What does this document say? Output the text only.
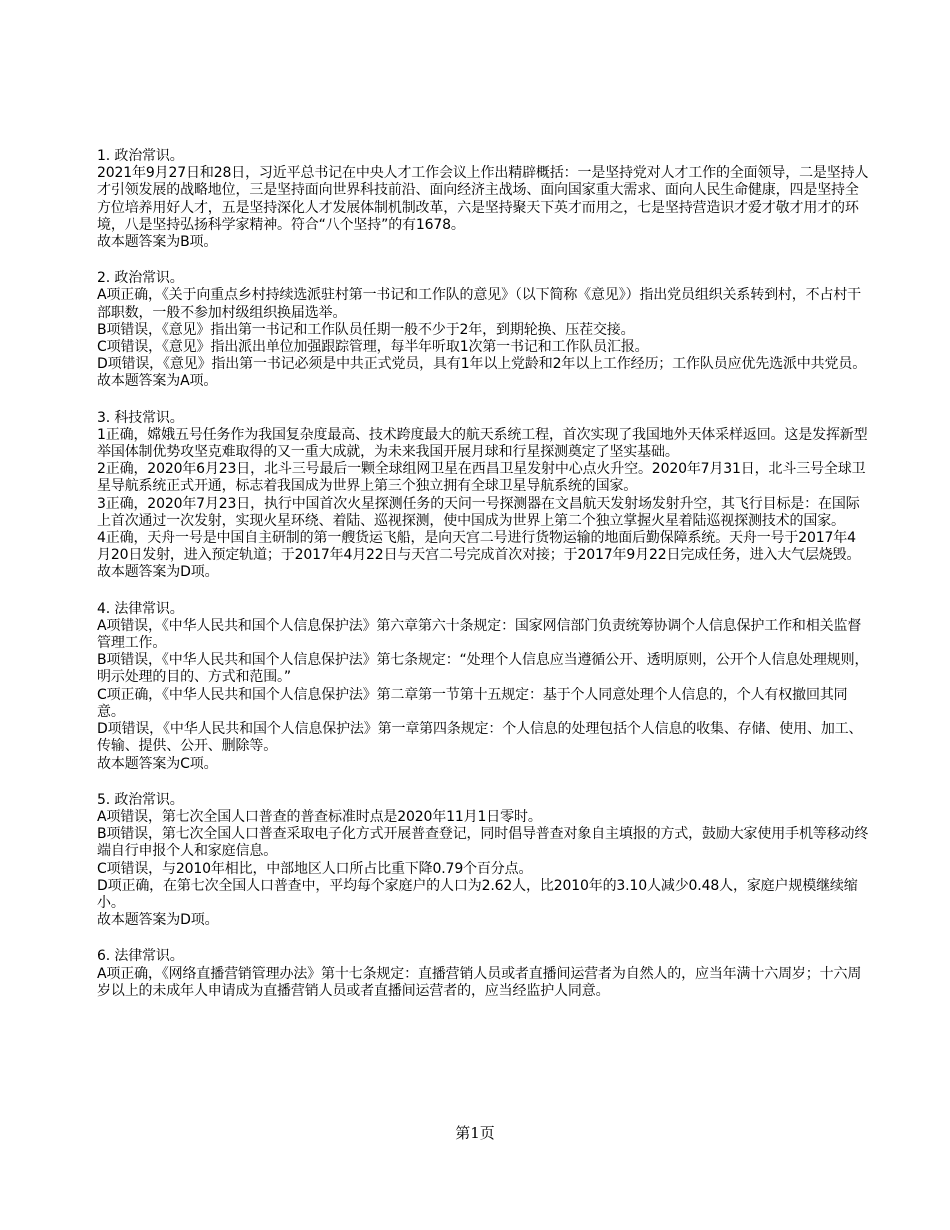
1. 政治常识。
2021年9月27日和28日，习近平总书记在中央人才工作会议上作出精辟概括：一是坚持党对人才工作的全面领导，二是坚持人才引领发展的战略地位，三是坚持面向世界科技前沿、面向经济主战场、面向国家重大需求、面向人民生命健康，四是坚持全方位培养用好人才，五是坚持深化人才发展体制机制改革，六是坚持聚天下英才而用之，七是坚持营造识才爱才敬才用才的环境，八是坚持弘扬科学家精神。符合“八个坚持”的有1678。
故本题答案为B项。
2. 政治常识。
A项正确，《关于向重点乡村持续选派驻村第一书记和工作队的意见》（以下简称《意见》）指出党员组织关系转到村，不占村干部职数，一般不参加村级组织换届选举。
B项错误，《意见》指出第一书记和工作队员任期一般不少于2年，到期轮换、压茬交接。
C项错误，《意见》指出派出单位加强跟踪管理，每半年听取1次第一书记和工作队员汇报。
D项错误，《意见》指出第一书记必须是中共正式党员，具有1年以上党龄和2年以上工作经历；工作队员应优先选派中共党员。
故本题答案为A项。
3. 科技常识。
1正确，嫦娥五号任务作为我国复杂度最高、技术跨度最大的航天系统工程，首次实现了我国地外天体采样返回。这是发挥新型举国体制优势攻坚克难取得的又一重大成就，为未来我国开展月球和行星探测奠定了坚实基础。
2正确，2020年6月23日，北斗三号最后一颗全球组网卫星在西昌卫星发射中心点火升空。2020年7月31日，北斗三号全球卫星导航系统正式开通，标志着我国成为世界上第三个独立拥有全球卫星导航系统的国家。
3正确，2020年7月23日，执行中国首次火星探测任务的天问一号探测器在文昌航天发射场发射升空，其飞行目标是：在国际上首次通过一次发射，实现火星环绕、着陆、巡视探测，使中国成为世界上第二个独立掌握火星着陆巡视探测技术的国家。
4正确，天舟一号是中国自主研制的第一艘货运飞船，是向天宫二号进行货物运输的地面后勤保障系统。天舟一号于2017年4月20日发射，进入预定轨道；于2017年4月22日与天宫二号完成首次对接；于2017年9月22日完成任务，进入大气层烧毁。
故本题答案为D项。
4. 法律常识。
A项错误，《中华人民共和国个人信息保护法》第六章第六十条规定：国家网信部门负责统筹协调个人信息保护工作和相关监督管理工作。
B项错误，《中华人民共和国个人信息保护法》第七条规定：“处理个人信息应当遵循公开、透明原则，公开个人信息处理规则，明示处理的目的、方式和范围。”
C项正确，《中华人民共和国个人信息保护法》第二章第一节第十五规定：基于个人同意处理个人信息的，个人有权撤回其同意。
D项错误，《中华人民共和国个人信息保护法》第一章第四条规定：个人信息的处理包括个人信息的收集、存储、使用、加工、传输、提供、公开、删除等。
故本题答案为C项。
5. 政治常识。
A项错误，第七次全国人口普查的普查标准时点是2020年11月1日零时。
B项错误，第七次全国人口普查采取电子化方式开展普查登记，同时倡导普查对象自主填报的方式，鼓励大家使用手机等移动终端自行申报个人和家庭信息。
C项错误，与2010年相比，中部地区人口所占比重下降0.79个百分点。
D项正确，在第七次全国人口普查中，平均每个家庭户的人口为2.62人，比2010年的3.10人减少0.48人，家庭户规模继续缩小。
故本题答案为D项。
6. 法律常识。
A项正确，《网络直播营销管理办法》第十七条规定：直播营销人员或者直播间运营者为自然人的，应当年满十六周岁；十六周岁以上的未成年人申请成为直播营销人员或者直播间运营者的，应当经监护人同意。
第1页
